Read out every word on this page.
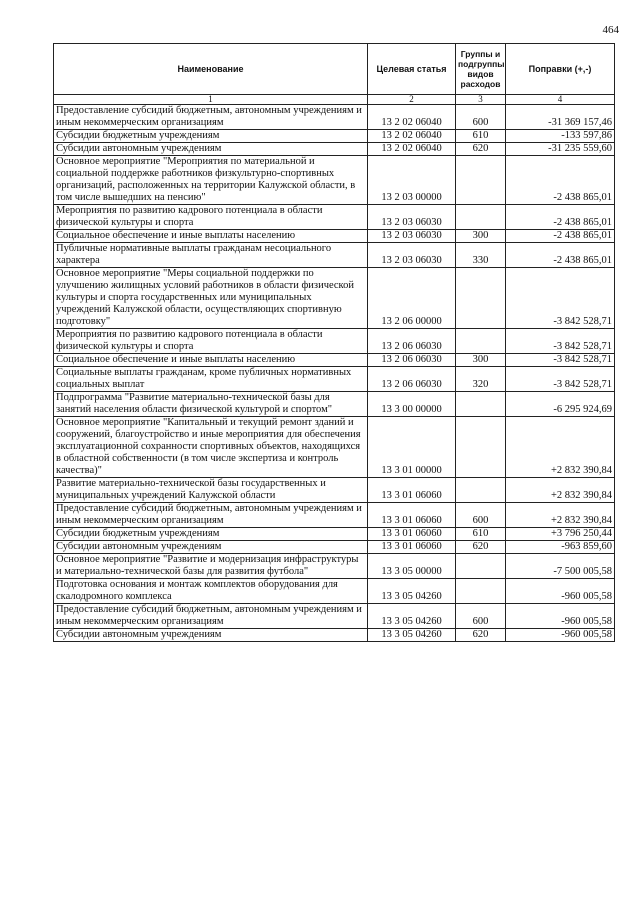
464
Наименование	Целевая статья	Группы и подгруппы видов расходов	Поправки (+,-)
1	2	3	4
Предоставление субсидий бюджетным, автономным учреждениям и иным некоммерческим организациям	13 2 02 06040	600	-31 369 157,46
Субсидии бюджетным учреждениям	13 2 02 06040	610	-133 597,86
Субсидии автономным учреждениям	13 2 02 06040	620	-31 235 559,60
Основное мероприятие "Мероприятия по материальной и социальной поддержке работников физкультурно-спортивных организаций, расположенных на территории Калужской области, в том числе вышедших на пенсию"	13 2 03 00000		-2 438 865,01
Мероприятия по развитию кадрового потенциала в области физической культуры и спорта	13 2 03 06030		-2 438 865,01
Социальное обеспечение и иные выплаты населению	13 2 03 06030	300	-2 438 865,01
Публичные нормативные выплаты гражданам несоциального характера	13 2 03 06030	330	-2 438 865,01
Основное мероприятие "Меры социальной поддержки по улучшению жилищных условий работников в области физической культуры и спорта государственных или муниципальных учреждений Калужской области, осуществляющих спортивную подготовку"	13 2 06 00000		-3 842 528,71
Мероприятия по развитию кадрового потенциала в области физической культуры и спорта	13 2 06 06030		-3 842 528,71
Социальное обеспечение и иные выплаты населению	13 2 06 06030	300	-3 842 528,71
Социальные выплаты гражданам, кроме публичных нормативных социальных выплат	13 2 06 06030	320	-3 842 528,71
Подпрограмма "Развитие материально-технической базы для занятий населения области физической культурой и спортом"	13 3 00 00000		-6 295 924,69
Основное мероприятие "Капитальный и текущий ремонт зданий и сооружений, благоустройство и иные мероприятия для обеспечения эксплуатационной сохранности спортивных объектов, находящихся в областной собственности (в том числе экспертиза и контроль качества)"	13 3 01 00000		+2 832 390,84
Развитие материально-технической базы государственных и муниципальных учреждений Калужской области	13 3 01 06060		+2 832 390,84
Предоставление субсидий бюджетным, автономным учреждениям и иным некоммерческим организациям	13 3 01 06060	600	+2 832 390,84
Субсидии бюджетным учреждениям	13 3 01 06060	610	+3 796 250,44
Субсидии автономным учреждениям	13 3 01 06060	620	-963 859,60
Основное мероприятие "Развитие и модернизация инфраструктуры и материально-технической базы для развития футбола"	13 3 05 00000		-7 500 005,58
Подготовка основания и монтаж комплектов оборудования для скалодромного комплекса	13 3 05 04260		-960 005,58
Предоставление субсидий бюджетным, автономным учреждениям и иным некоммерческим организациям	13 3 05 04260	600	-960 005,58
Субсидии автономным учреждениям	13 3 05 04260	620	-960 005,58
